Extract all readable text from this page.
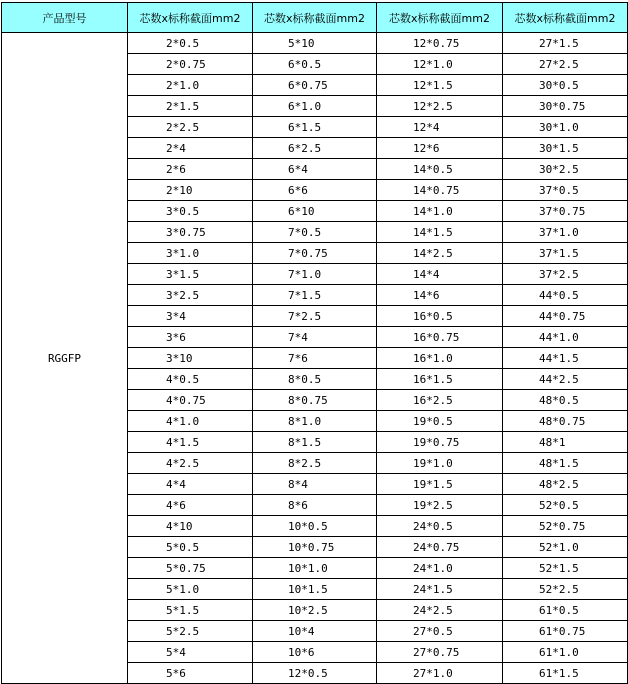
产品型号	芯数x标称截面mm2	芯数x标称截面mm2	芯数x标称截面mm2	芯数x标称截面mm2
RGGFP	2*0.5	5*10	12*0.75	27*1.5
	2*0.75	6*0.5	12*1.0	27*2.5
	2*1.0	6*0.75	12*1.5	30*0.5
	2*1.5	6*1.0	12*2.5	30*0.75
	2*2.5	6*1.5	12*4	30*1.0
	2*4	6*2.5	12*6	30*1.5
	2*6	6*4	14*0.5	30*2.5
	2*10	6*6	14*0.75	37*0.5
	3*0.5	6*10	14*1.0	37*0.75
	3*0.75	7*0.5	14*1.5	37*1.0
	3*1.0	7*0.75	14*2.5	37*1.5
	3*1.5	7*1.0	14*4	37*2.5
	3*2.5	7*1.5	14*6	44*0.5
	3*4	7*2.5	16*0.5	44*0.75
	3*6	7*4	16*0.75	44*1.0
	3*10	7*6	16*1.0	44*1.5
	4*0.5	8*0.5	16*1.5	44*2.5
	4*0.75	8*0.75	16*2.5	48*0.5
	4*1.0	8*1.0	19*0.5	48*0.75
	4*1.5	8*1.5	19*0.75	48*1
	4*2.5	8*2.5	19*1.0	48*1.5
	4*4	8*4	19*1.5	48*2.5
	4*6	8*6	19*2.5	52*0.5
	4*10	10*0.5	24*0.5	52*0.75
	5*0.5	10*0.75	24*0.75	52*1.0
	5*0.75	10*1.0	24*1.0	52*1.5
	5*1.0	10*1.5	24*1.5	52*2.5
	5*1.5	10*2.5	24*2.5	61*0.5
	5*2.5	10*4	27*0.5	61*0.75
	5*4	10*6	27*0.75	61*1.0
	5*6	12*0.5	27*1.0	61*1.5
